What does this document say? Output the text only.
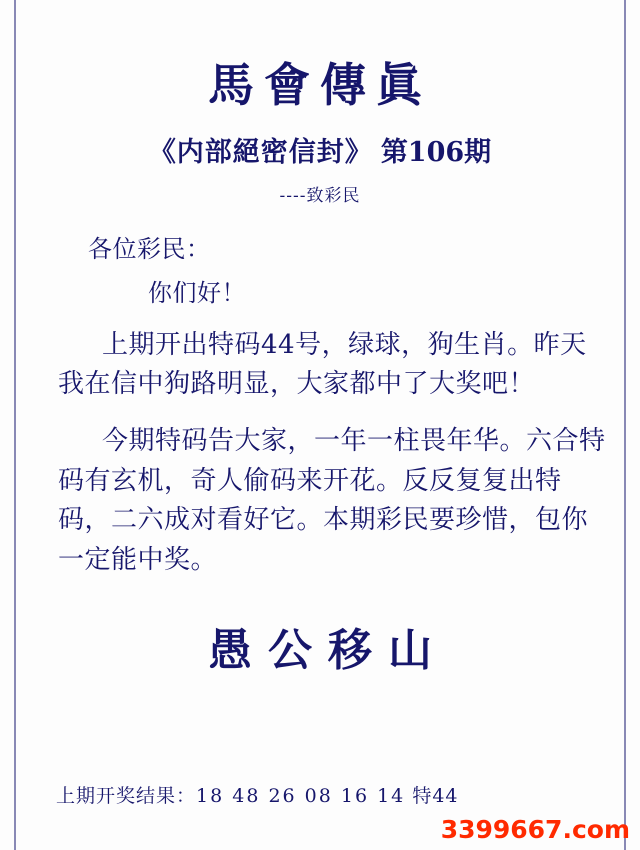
馬會傳眞
《内部絕密信封》 第106期
----致彩民
各位彩民：
你们好！
上期开出特码44号，绿球，狗生肖。昨天我在信中狗路明显，大家都中了大奖吧！
今期特码告大家，一年一柱畏年华。六合特码有玄机，奇人偷码来开花。反反复复出特码，二六成对看好它。本期彩民要珍惜，包你一定能中奖。
愚公移山
上期开奖结果：18 48 26 08 16 14 特44
3399667.com
